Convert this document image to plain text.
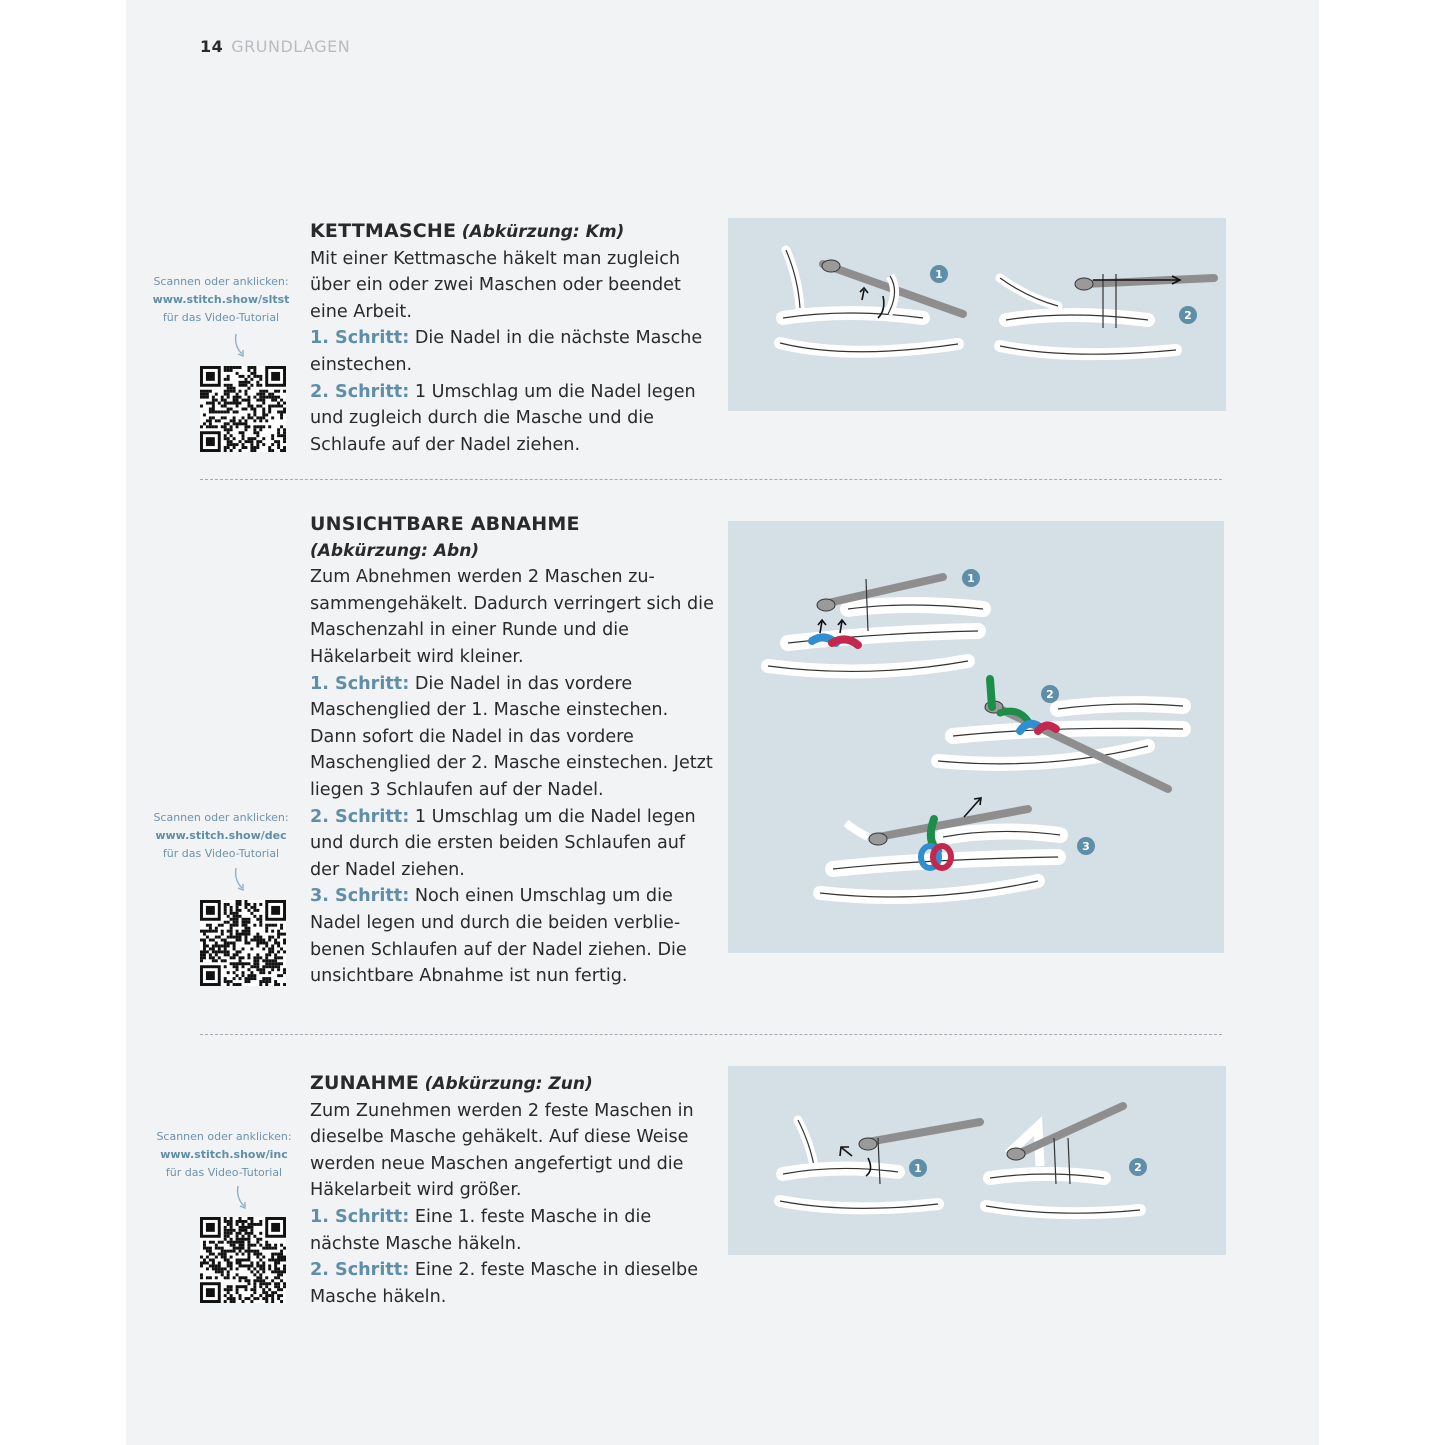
14 GRUNDLAGEN
KETTMASCHE (Abkürzung: Km)
Mit einer Kettmasche häkelt man zugleich über ein oder zwei Maschen oder beendet eine Arbeit.
1. Schritt: Die Nadel in die nächste Masche einstechen.
2. Schritt: 1 Umschlag um die Nadel legen und zugleich durch die Masche und die Schlaufe auf der Nadel ziehen.
Scannen oder anklicken:
www.stitch.show/sltst
für das Video-Tutorial
1
2
UNSICHTBARE ABNAHME
(Abkürzung: Abn)
Zum Abnehmen werden 2 Maschen zu-sammengehäkelt. Dadurch verringert sich die Maschenzahl in einer Runde und die Häkelarbeit wird kleiner.
1. Schritt: Die Nadel in das vordere Maschenglied der 1. Masche einstechen. Dann sofort die Nadel in das vordere Maschenglied der 2. Masche einstechen. Jetzt liegen 3 Schlaufen auf der Nadel.
2. Schritt: 1 Umschlag um die Nadel legen und durch die ersten beiden Schlaufen auf der Nadel ziehen.
3. Schritt: Noch einen Umschlag um die Nadel legen und durch die beiden verblie-benen Schlaufen auf der Nadel ziehen. Die unsichtbare Abnahme ist nun fertig.
Scannen oder anklicken:
www.stitch.show/dec
für das Video-Tutorial
1
2
3
ZUNAHME (Abkürzung: Zun)
Zum Zunehmen werden 2 feste Maschen in dieselbe Masche gehäkelt. Auf diese Weise werden neue Maschen angefertigt und die Häkelarbeit wird größer.
1. Schritt: Eine 1. feste Masche in die nächste Masche häkeln.
2. Schritt: Eine 2. feste Masche in dieselbe Masche häkeln.
Scannen oder anklicken:
www.stitch.show/inc
für das Video-Tutorial	1	2
